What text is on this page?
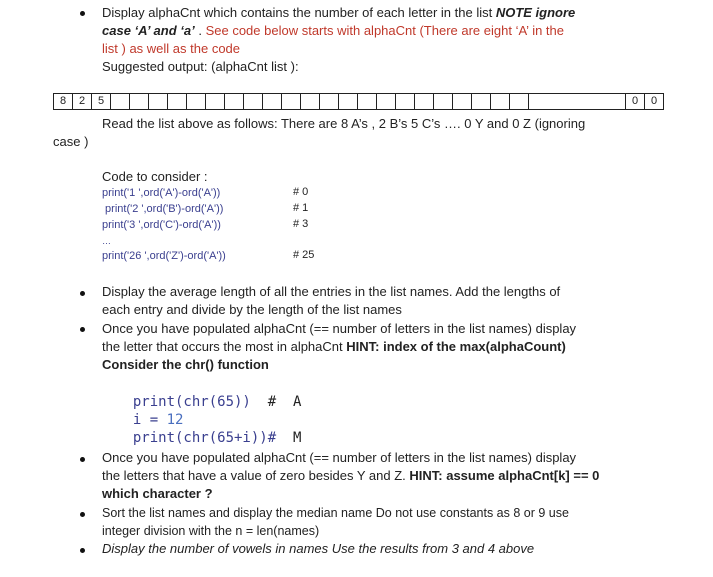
Display alphaCnt which contains the number of each letter in the list NOTE ignore
case ‘A’ and ‘a’ . See code below starts with alphaCnt (There are eight ‘A’ in the
list ) as well as the code
Suggested output: (alphaCnt list ):
8	2	5																								0	0
Read the list above as follows: There are 8 A’s , 2 B’s 5 C’s …. 0 Y and 0 Z (ignoring
case )
Code to consider :
print('1 ',ord('A')-ord('A'))	# 0
print('2 ',ord('B')-ord('A'))	# 1
print('3 ',ord('C')-ord('A'))	# 3
…
print('26 ',ord('Z')-ord('A'))	# 25
Display the average length of all the entries in the list names. Add the lengths of
each entry and divide by the length of the list names
Once you have populated alphaCnt (== number of letters in the list names) display
the letter that occurs the most in alphaCnt HINT: index of the max(alphaCount)
Consider the chr() function

print(chr(65))  #  A

i = 12

print(chr(65+i))#  M

Once you have populated alphaCnt (== number of letters in the list names) display
the letters that have a value of zero besides Y and Z. HINT: assume alphaCnt[k] == 0
which character ?
Sort the list names and display the median name Do not use constants as 8 or 9 use
integer division with the n = len(names)
Display the number of vowels in names Use the results from 3 and 4 above
